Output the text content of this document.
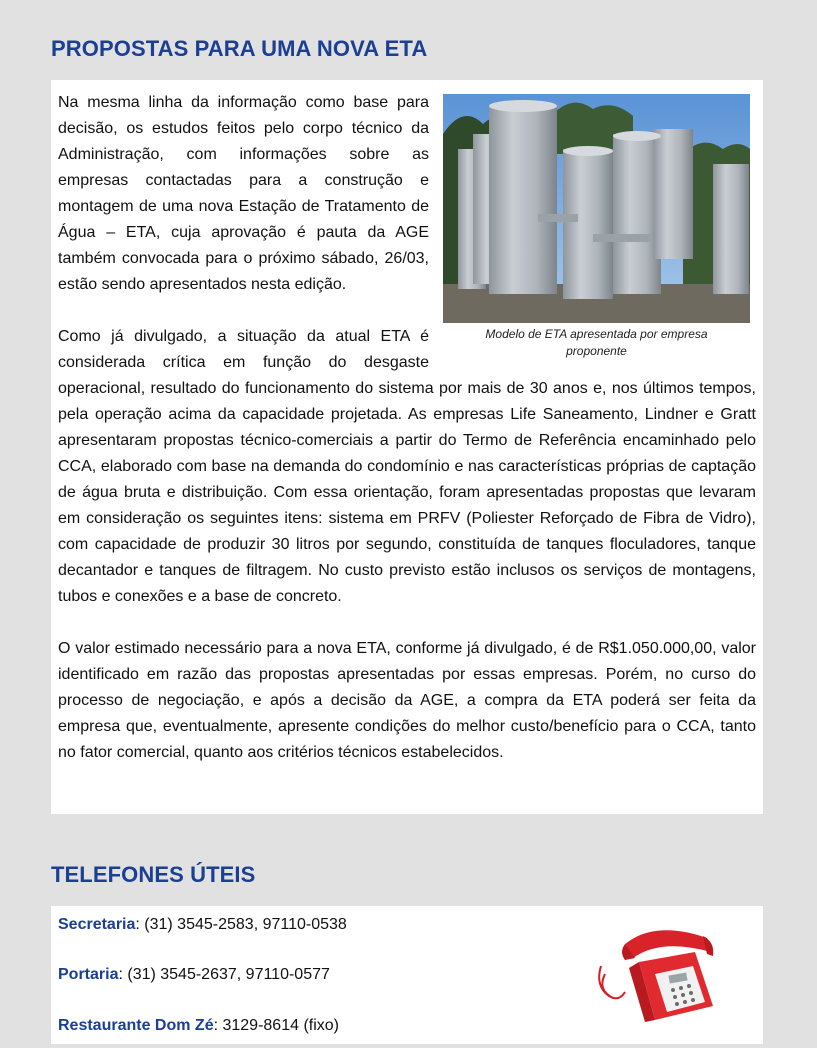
PROPOSTAS PARA UMA NOVA ETA
Modelo de ETA apresentada por empresa proponente

Na mesma linha da informação como base para decisão, os estudos feitos pelo corpo técnico da Administração, com informações sobre as empresas contactadas para a construção e montagem de uma nova Estação de Tratamento de Água – ETA, cuja aprovação é pauta da AGE também convocada para o próximo sábado, 26/03, estão sendo apresentados nesta edição.

Como já divulgado, a situação da atual ETA é considerada crítica em função do desgaste operacional, resultado do funcionamento do sistema por mais de 30 anos e, nos últimos tempos, pela operação acima da capacidade projetada. As empresas Life Saneamento, Lindner e Gratt apresentaram propostas técnico-comerciais a partir do Termo de Referência encaminhado pelo CCA, elaborado com base na demanda do condomínio e nas características próprias de captação de água bruta e distribuição. Com essa orientação, foram apresentadas propostas que levaram em consideração os seguintes itens: sistema em PRFV (Poliester Reforçado de Fibra de Vidro), com capacidade de produzir 30 litros por segundo, constituída de tanques floculadores, tanque decantador e tanques de filtragem. No custo previsto estão inclusos os serviços de montagens, tubos e conexões e a base de concreto.

O valor estimado necessário para a nova ETA, conforme já divulgado, é de R$1.050.000,00, valor identificado em razão das propostas apresentadas por essas empresas. Porém, no curso do processo de negociação, e após a decisão da AGE, a compra da ETA poderá ser feita da empresa que, eventualmente, apresente condições do melhor custo/benefício para o CCA, tanto no fator comercial, quanto aos critérios técnicos estabelecidos.

TELEFONES ÚTEIS
Secretaria: (31) 3545-2583, 97110-0538
Portaria: (31) 3545-2637, 97110-0577
Restaurante Dom Zé: 3129-8614 (fixo)
